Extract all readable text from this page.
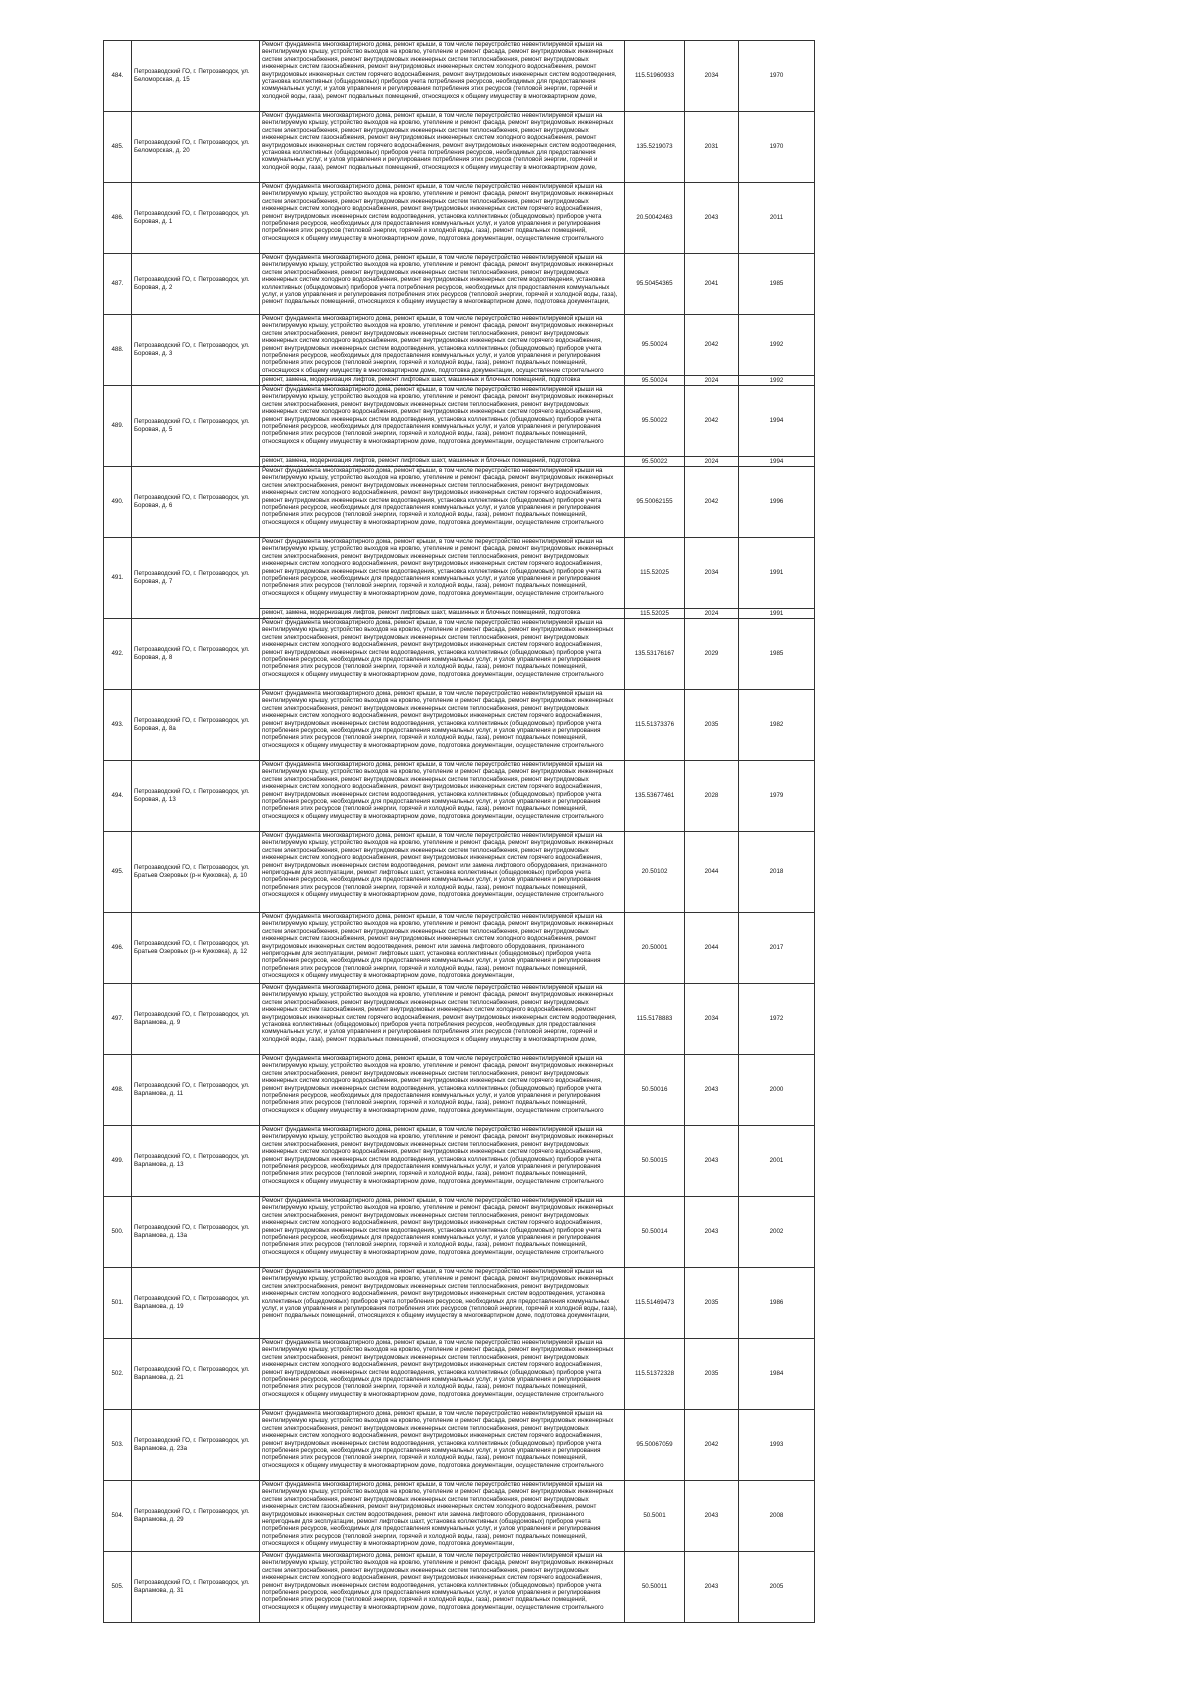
484.	Петрозаводский ГО, г. Петрозаводск, ул. Беломорская, д. 15	Ремонт фундамента многоквартирного дома, ремонт крыши, в том числе переустройство невентилируемой крыши на вентилируемую крышу, устройство выходов на кровлю, утепление и ремонт фасада, ремонт внутридомовых инженерных систем электроснабжения, ремонт внутридомовых инженерных систем теплоснабжения, ремонт внутридомовых инженерных систем газоснабжения, ремонт внутридомовых инженерных систем холодного водоснабжения, ремонт внутридомовых инженерных систем горячего водоснабжения, ремонт внутридомовых инженерных систем водоотведения, установка коллективных (общедомовых) приборов учета потребления ресурсов, необходимых для предоставления коммунальных услуг, и узлов управления и регулирования потребления этих ресурсов (тепловой энергии, горячей и холодной воды, газа), ремонт подвальных помещений, относящихся к общему имуществу в многоквартирном доме,	115.51960933	2034	1970
485.	Петрозаводский ГО, г. Петрозаводск, ул. Беломорская, д. 20	Ремонт фундамента многоквартирного дома, ремонт крыши, в том числе переустройство невентилируемой крыши на вентилируемую крышу, устройство выходов на кровлю, утепление и ремонт фасада, ремонт внутридомовых инженерных систем электроснабжения, ремонт внутридомовых инженерных систем теплоснабжения, ремонт внутридомовых инженерных систем газоснабжения, ремонт внутридомовых инженерных систем холодного водоснабжения, ремонт внутридомовых инженерных систем горячего водоснабжения, ремонт внутридомовых инженерных систем водоотведения, установка коллективных (общедомовых) приборов учета потребления ресурсов, необходимых для предоставления коммунальных услуг, и узлов управления и регулирования потребления этих ресурсов (тепловой энергии, горячей и холодной воды, газа), ремонт подвальных помещений, относящихся к общему имуществу в многоквартирном доме,	135.5219073	2031	1970
486.	Петрозаводский ГО, г. Петрозаводск, ул. Боровая, д. 1	Ремонт фундамента многоквартирного дома, ремонт крыши, в том числе переустройство невентилируемой крыши на вентилируемую крышу, устройство выходов на кровлю, утепление и ремонт фасада, ремонт внутридомовых инженерных систем электроснабжения, ремонт внутридомовых инженерных систем теплоснабжения, ремонт внутридомовых инженерных систем холодного водоснабжения, ремонт внутридомовых инженерных систем горячего водоснабжения, ремонт внутридомовых инженерных систем водоотведения, установка коллективных (общедомовых) приборов учета потребления ресурсов, необходимых для предоставления коммунальных услуг, и узлов управления и регулирования потребления этих ресурсов (тепловой энергии, горячей и холодной воды, газа), ремонт подвальных помещений, относящихся к общему имуществу в многоквартирном доме, подготовка документации, осуществление строительного	20.50042463	2043	2011
487.	Петрозаводский ГО, г. Петрозаводск, ул. Боровая, д. 2	Ремонт фундамента многоквартирного дома, ремонт крыши, в том числе переустройство невентилируемой крыши на вентилируемую крышу, устройство выходов на кровлю, утепление и ремонт фасада, ремонт внутридомовых инженерных систем электроснабжения, ремонт внутридомовых инженерных систем теплоснабжения, ремонт внутридомовых инженерных систем холодного водоснабжения, ремонт внутридомовых инженерных систем водоотведения, установка коллективных (общедомовых) приборов учета потребления ресурсов, необходимых для предоставления коммунальных услуг, и узлов управления и регулирования потребления этих ресурсов (тепловой энергии, горячей и холодной воды, газа), ремонт подвальных помещений, относящихся к общему имуществу в многоквартирном доме, подготовка документации,	95.50454365	2041	1985
488.	Петрозаводский ГО, г. Петрозаводск, ул. Боровая, д. 3	Ремонт фундамента многоквартирного дома, ремонт крыши, в том числе переустройство невентилируемой крыши на вентилируемую крышу, устройство выходов на кровлю, утепление и ремонт фасада, ремонт внутридомовых инженерных систем электроснабжения, ремонт внутридомовых инженерных систем теплоснабжения, ремонт внутридомовых инженерных систем холодного водоснабжения, ремонт внутридомовых инженерных систем горячего водоснабжения, ремонт внутридомовых инженерных систем водоотведения, установка коллективных (общедомовых) приборов учета потребления ресурсов, необходимых для предоставления коммунальных услуг, и узлов управления и регулирования потребления этих ресурсов (тепловой энергии, горячей и холодной воды, газа), ремонт подвальных помещений, относящихся к общему имуществу в многоквартирном доме, подготовка документации, осуществление строительного	95.50024	2042	1992

		ремонт, замена, модернизация лифтов, ремонт лифтовых шахт, машинных и блочных помещений, подготовка	95.50024	2024	1992
489.	Петрозаводский ГО, г. Петрозаводск, ул. Боровая, д. 5	Ремонт фундамента многоквартирного дома, ремонт крыши, в том числе переустройство невентилируемой крыши на вентилируемую крышу, устройство выходов на кровлю, утепление и ремонт фасада, ремонт внутридомовых инженерных систем электроснабжения, ремонт внутридомовых инженерных систем теплоснабжения, ремонт внутридомовых инженерных систем холодного водоснабжения, ремонт внутридомовых инженерных систем горячего водоснабжения, ремонт внутридомовых инженерных систем водоотведения, установка коллективных (общедомовых) приборов учета потребления ресурсов, необходимых для предоставления коммунальных услуг, и узлов управления и регулирования потребления этих ресурсов (тепловой энергии, горячей и холодной воды, газа), ремонт подвальных помещений, относящихся к общему имуществу в многоквартирном доме, подготовка документации, осуществление строительного	95.50022	2042	1994

		ремонт, замена, модернизация лифтов, ремонт лифтовых шахт, машинных и блочных помещений, подготовка	95.50022	2024	1994
490.	Петрозаводский ГО, г. Петрозаводск, ул. Боровая, д. 6	Ремонт фундамента многоквартирного дома, ремонт крыши, в том числе переустройство невентилируемой крыши на вентилируемую крышу, устройство выходов на кровлю, утепление и ремонт фасада, ремонт внутридомовых инженерных систем электроснабжения, ремонт внутридомовых инженерных систем теплоснабжения, ремонт внутридомовых инженерных систем холодного водоснабжения, ремонт внутридомовых инженерных систем горячего водоснабжения, ремонт внутридомовых инженерных систем водоотведения, установка коллективных (общедомовых) приборов учета потребления ресурсов, необходимых для предоставления коммунальных услуг, и узлов управления и регулирования потребления этих ресурсов (тепловой энергии, горячей и холодной воды, газа), ремонт подвальных помещений, относящихся к общему имуществу в многоквартирном доме, подготовка документации, осуществление строительного	95.50062155	2042	1996
491.	Петрозаводский ГО, г. Петрозаводск, ул. Боровая, д. 7	Ремонт фундамента многоквартирного дома, ремонт крыши, в том числе переустройство невентилируемой крыши на вентилируемую крышу, устройство выходов на кровлю, утепление и ремонт фасада, ремонт внутридомовых инженерных систем электроснабжения, ремонт внутридомовых инженерных систем теплоснабжения, ремонт внутридомовых инженерных систем холодного водоснабжения, ремонт внутридомовых инженерных систем горячего водоснабжения, ремонт внутридомовых инженерных систем водоотведения, установка коллективных (общедомовых) приборов учета потребления ресурсов, необходимых для предоставления коммунальных услуг, и узлов управления и регулирования потребления этих ресурсов (тепловой энергии, горячей и холодной воды, газа), ремонт подвальных помещений, относящихся к общему имуществу в многоквартирном доме, подготовка документации, осуществление строительного	115.52025	2034	1991

		ремонт, замена, модернизация лифтов, ремонт лифтовых шахт, машинных и блочных помещений, подготовка	115.52025	2024	1991
492.	Петрозаводский ГО, г. Петрозаводск, ул. Боровая, д. 8	Ремонт фундамента многоквартирного дома, ремонт крыши, в том числе переустройство невентилируемой крыши на вентилируемую крышу, устройство выходов на кровлю, утепление и ремонт фасада, ремонт внутридомовых инженерных систем электроснабжения, ремонт внутридомовых инженерных систем теплоснабжения, ремонт внутридомовых инженерных систем холодного водоснабжения, ремонт внутридомовых инженерных систем горячего водоснабжения, ремонт внутридомовых инженерных систем водоотведения, установка коллективных (общедомовых) приборов учета потребления ресурсов, необходимых для предоставления коммунальных услуг, и узлов управления и регулирования потребления этих ресурсов (тепловой энергии, горячей и холодной воды, газа), ремонт подвальных помещений, относящихся к общему имуществу в многоквартирном доме, подготовка документации, осуществление строительного	135.53176167	2029	1985
493.	Петрозаводский ГО, г. Петрозаводск, ул. Боровая, д. 8а	Ремонт фундамента многоквартирного дома, ремонт крыши, в том числе переустройство невентилируемой крыши на вентилируемую крышу, устройство выходов на кровлю, утепление и ремонт фасада, ремонт внутридомовых инженерных систем электроснабжения, ремонт внутридомовых инженерных систем теплоснабжения, ремонт внутридомовых инженерных систем холодного водоснабжения, ремонт внутридомовых инженерных систем горячего водоснабжения, ремонт внутридомовых инженерных систем водоотведения, установка коллективных (общедомовых) приборов учета потребления ресурсов, необходимых для предоставления коммунальных услуг, и узлов управления и регулирования потребления этих ресурсов (тепловой энергии, горячей и холодной воды, газа), ремонт подвальных помещений, относящихся к общему имуществу в многоквартирном доме, подготовка документации, осуществление строительного	115.51373376	2035	1982
494.	Петрозаводский ГО, г. Петрозаводск, ул. Боровая, д. 13	Ремонт фундамента многоквартирного дома, ремонт крыши, в том числе переустройство невентилируемой крыши на вентилируемую крышу, устройство выходов на кровлю, утепление и ремонт фасада, ремонт внутридомовых инженерных систем электроснабжения, ремонт внутридомовых инженерных систем теплоснабжения, ремонт внутридомовых инженерных систем холодного водоснабжения, ремонт внутридомовых инженерных систем горячего водоснабжения, ремонт внутридомовых инженерных систем водоотведения, установка коллективных (общедомовых) приборов учета потребления ресурсов, необходимых для предоставления коммунальных услуг, и узлов управления и регулирования потребления этих ресурсов (тепловой энергии, горячей и холодной воды, газа), ремонт подвальных помещений, относящихся к общему имуществу в многоквартирном доме, подготовка документации, осуществление строительного	135.53677461	2028	1979
495.	Петрозаводский ГО, г. Петрозаводск, ул. Братьев Озеровых (р-н Кукковка), д. 10	Ремонт фундамента многоквартирного дома, ремонт крыши, в том числе переустройство невентилируемой крыши на вентилируемую крышу, устройство выходов на кровлю, утепление и ремонт фасада, ремонт внутридомовых инженерных систем электроснабжения, ремонт внутридомовых инженерных систем теплоснабжения, ремонт внутридомовых инженерных систем холодного водоснабжения, ремонт внутридомовых инженерных систем горячего водоснабжения, ремонт внутридомовых инженерных систем водоотведения, ремонт или замена лифтового оборудования, признанного непригодным для эксплуатации, ремонт лифтовых шахт, установка коллективных (общедомовых) приборов учета потребления ресурсов, необходимых для предоставления коммунальных услуг, и узлов управления и регулирования потребления этих ресурсов (тепловой энергии, горячей и холодной воды, газа), ремонт подвальных помещений, относящихся к общему имуществу в многоквартирном доме, подготовка документации, осуществление строительного	20.50102	2044	2018
496.	Петрозаводский ГО, г. Петрозаводск, ул. Братьев Озеровых (р-н Кукковка), д. 12	Ремонт фундамента многоквартирного дома, ремонт крыши, в том числе переустройство невентилируемой крыши на вентилируемую крышу, устройство выходов на кровлю, утепление и ремонт фасада, ремонт внутридомовых инженерных систем электроснабжения, ремонт внутридомовых инженерных систем теплоснабжения, ремонт внутридомовых инженерных систем газоснабжения, ремонт внутридомовых инженерных систем холодного водоснабжения, ремонт внутридомовых инженерных систем водоотведения, ремонт или замена лифтового оборудования, признанного непригодным для эксплуатации, ремонт лифтовых шахт, установка коллективных (общедомовых) приборов учета потребления ресурсов, необходимых для предоставления коммунальных услуг, и узлов управления и регулирования потребления этих ресурсов (тепловой энергии, горячей и холодной воды, газа), ремонт подвальных помещений, относящихся к общему имуществу в многоквартирном доме, подготовка документации,	20.50001	2044	2017
497.	Петрозаводский ГО, г. Петрозаводск, ул. Варламова, д. 9	Ремонт фундамента многоквартирного дома, ремонт крыши, в том числе переустройство невентилируемой крыши на вентилируемую крышу, устройство выходов на кровлю, утепление и ремонт фасада, ремонт внутридомовых инженерных систем электроснабжения, ремонт внутридомовых инженерных систем теплоснабжения, ремонт внутридомовых инженерных систем газоснабжения, ремонт внутридомовых инженерных систем холодного водоснабжения, ремонт внутридомовых инженерных систем горячего водоснабжения, ремонт внутридомовых инженерных систем водоотведения, установка коллективных (общедомовых) приборов учета потребления ресурсов, необходимых для предоставления коммунальных услуг, и узлов управления и регулирования потребления этих ресурсов (тепловой энергии, горячей и холодной воды, газа), ремонт подвальных помещений, относящихся к общему имуществу в многоквартирном доме,	115.5178883	2034	1972
498.	Петрозаводский ГО, г. Петрозаводск, ул. Варламова, д. 11	Ремонт фундамента многоквартирного дома, ремонт крыши, в том числе переустройство невентилируемой крыши на вентилируемую крышу, устройство выходов на кровлю, утепление и ремонт фасада, ремонт внутридомовых инженерных систем электроснабжения, ремонт внутридомовых инженерных систем теплоснабжения, ремонт внутридомовых инженерных систем холодного водоснабжения, ремонт внутридомовых инженерных систем горячего водоснабжения, ремонт внутридомовых инженерных систем водоотведения, установка коллективных (общедомовых) приборов учета потребления ресурсов, необходимых для предоставления коммунальных услуг, и узлов управления и регулирования потребления этих ресурсов (тепловой энергии, горячей и холодной воды, газа), ремонт подвальных помещений, относящихся к общему имуществу в многоквартирном доме, подготовка документации, осуществление строительного	50.50016	2043	2000
499.	Петрозаводский ГО, г. Петрозаводск, ул. Варламова, д. 13	Ремонт фундамента многоквартирного дома, ремонт крыши, в том числе переустройство невентилируемой крыши на вентилируемую крышу, устройство выходов на кровлю, утепление и ремонт фасада, ремонт внутридомовых инженерных систем электроснабжения, ремонт внутридомовых инженерных систем теплоснабжения, ремонт внутридомовых инженерных систем холодного водоснабжения, ремонт внутридомовых инженерных систем горячего водоснабжения, ремонт внутридомовых инженерных систем водоотведения, установка коллективных (общедомовых) приборов учета потребления ресурсов, необходимых для предоставления коммунальных услуг, и узлов управления и регулирования потребления этих ресурсов (тепловой энергии, горячей и холодной воды, газа), ремонт подвальных помещений, относящихся к общему имуществу в многоквартирном доме, подготовка документации, осуществление строительного	50.50015	2043	2001
500.	Петрозаводский ГО, г. Петрозаводск, ул. Варламова, д. 13а	Ремонт фундамента многоквартирного дома, ремонт крыши, в том числе переустройство невентилируемой крыши на вентилируемую крышу, устройство выходов на кровлю, утепление и ремонт фасада, ремонт внутридомовых инженерных систем электроснабжения, ремонт внутридомовых инженерных систем теплоснабжения, ремонт внутридомовых инженерных систем холодного водоснабжения, ремонт внутридомовых инженерных систем горячего водоснабжения, ремонт внутридомовых инженерных систем водоотведения, установка коллективных (общедомовых) приборов учета потребления ресурсов, необходимых для предоставления коммунальных услуг, и узлов управления и регулирования потребления этих ресурсов (тепловой энергии, горячей и холодной воды, газа), ремонт подвальных помещений, относящихся к общему имуществу в многоквартирном доме, подготовка документации, осуществление строительного	50.50014	2043	2002
501.	Петрозаводский ГО, г. Петрозаводск, ул. Варламова, д. 19	Ремонт фундамента многоквартирного дома, ремонт крыши, в том числе переустройство невентилируемой крыши на вентилируемую крышу, устройство выходов на кровлю, утепление и ремонт фасада, ремонт внутридомовых инженерных систем электроснабжения, ремонт внутридомовых инженерных систем теплоснабжения, ремонт внутридомовых инженерных систем холодного водоснабжения, ремонт внутридомовых инженерных систем водоотведения, установка коллективных (общедомовых) приборов учета потребления ресурсов, необходимых для предоставления коммунальных услуг, и узлов управления и регулирования потребления этих ресурсов (тепловой энергии, горячей и холодной воды, газа), ремонт подвальных помещений, относящихся к общему имуществу в многоквартирном доме, подготовка документации,	115.51469473	2035	1986
502.	Петрозаводский ГО, г. Петрозаводск, ул. Варламова, д. 21	Ремонт фундамента многоквартирного дома, ремонт крыши, в том числе переустройство невентилируемой крыши на вентилируемую крышу, устройство выходов на кровлю, утепление и ремонт фасада, ремонт внутридомовых инженерных систем электроснабжения, ремонт внутридомовых инженерных систем теплоснабжения, ремонт внутридомовых инженерных систем холодного водоснабжения, ремонт внутридомовых инженерных систем горячего водоснабжения, ремонт внутридомовых инженерных систем водоотведения, установка коллективных (общедомовых) приборов учета потребления ресурсов, необходимых для предоставления коммунальных услуг, и узлов управления и регулирования потребления этих ресурсов (тепловой энергии, горячей и холодной воды, газа), ремонт подвальных помещений, относящихся к общему имуществу в многоквартирном доме, подготовка документации, осуществление строительного	115.51372328	2035	1984
503.	Петрозаводский ГО, г. Петрозаводск, ул. Варламова, д. 23а	Ремонт фундамента многоквартирного дома, ремонт крыши, в том числе переустройство невентилируемой крыши на вентилируемую крышу, устройство выходов на кровлю, утепление и ремонт фасада, ремонт внутридомовых инженерных систем электроснабжения, ремонт внутридомовых инженерных систем теплоснабжения, ремонт внутридомовых инженерных систем холодного водоснабжения, ремонт внутридомовых инженерных систем горячего водоснабжения, ремонт внутридомовых инженерных систем водоотведения, установка коллективных (общедомовых) приборов учета потребления ресурсов, необходимых для предоставления коммунальных услуг, и узлов управления и регулирования потребления этих ресурсов (тепловой энергии, горячей и холодной воды, газа), ремонт подвальных помещений, относящихся к общему имуществу в многоквартирном доме, подготовка документации, осуществление строительного	95.50067059	2042	1993
504.	Петрозаводский ГО, г. Петрозаводск, ул. Варламова, д. 29	Ремонт фундамента многоквартирного дома, ремонт крыши, в том числе переустройство невентилируемой крыши на вентилируемую крышу, устройство выходов на кровлю, утепление и ремонт фасада, ремонт внутридомовых инженерных систем электроснабжения, ремонт внутридомовых инженерных систем теплоснабжения, ремонт внутридомовых инженерных систем газоснабжения, ремонт внутридомовых инженерных систем холодного водоснабжения, ремонт внутридомовых инженерных систем водоотведения, ремонт или замена лифтового оборудования, признанного непригодным для эксплуатации, ремонт лифтовых шахт, установка коллективных (общедомовых) приборов учета потребления ресурсов, необходимых для предоставления коммунальных услуг, и узлов управления и регулирования потребления этих ресурсов (тепловой энергии, горячей и холодной воды, газа), ремонт подвальных помещений, относящихся к общему имуществу в многоквартирном доме, подготовка документации,	50.5001	2043	2008
505.	Петрозаводский ГО, г. Петрозаводск, ул. Варламова, д. 31	Ремонт фундамента многоквартирного дома, ремонт крыши, в том числе переустройство невентилируемой крыши на вентилируемую крышу, устройство выходов на кровлю, утепление и ремонт фасада, ремонт внутридомовых инженерных систем электроснабжения, ремонт внутридомовых инженерных систем теплоснабжения, ремонт внутридомовых инженерных систем холодного водоснабжения, ремонт внутридомовых инженерных систем горячего водоснабжения, ремонт внутридомовых инженерных систем водоотведения, установка коллективных (общедомовых) приборов учета потребления ресурсов, необходимых для предоставления коммунальных услуг, и узлов управления и регулирования потребления этих ресурсов (тепловой энергии, горячей и холодной воды, газа), ремонт подвальных помещений, относящихся к общему имуществу в многоквартирном доме, подготовка документации, осуществление строительного	50.50011	2043	2005
